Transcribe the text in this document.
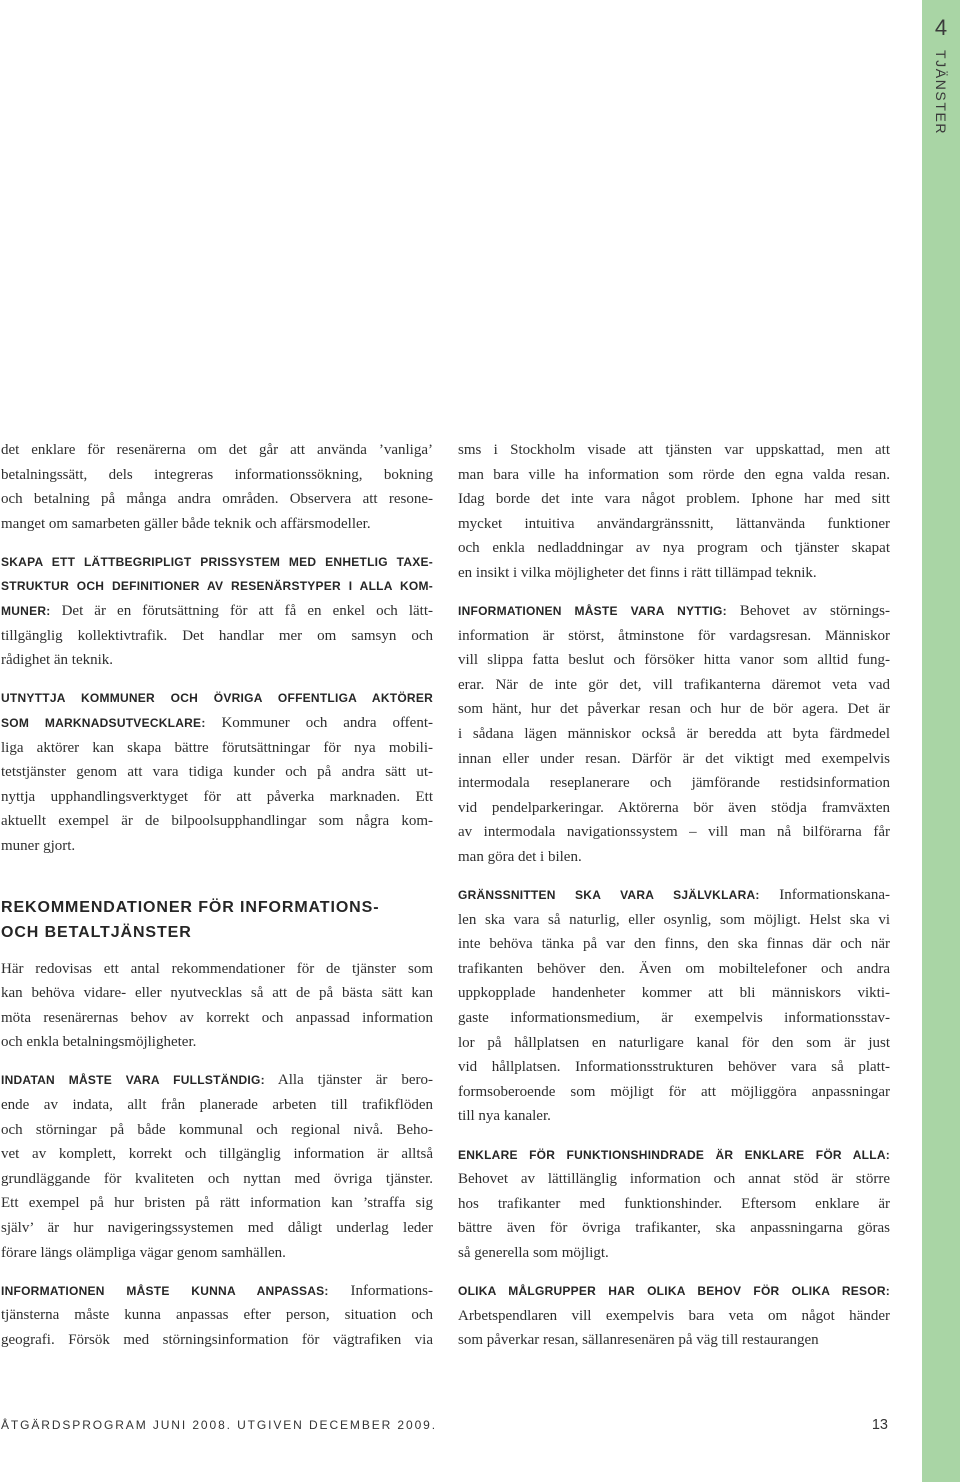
det enklare för resenärerna om det går att använda ’vanliga’
betalningssätt, dels integreras informationssökning, bokning
och betalning på många andra områden. Observera att resone-
manget om samarbeten gäller både teknik och affärsmodeller.
SKAPA ETT LÄTTBEGRIPLIGT PRISSYSTEM MED ENHETLIG TAXE-
STRUKTUR OCH DEFINITIONER AV RESENÄRSTYPER I ALLA KOM-
MUNER: Det är en förutsättning för att få en enkel och lätt-
tillgänglig kollektivtrafik. Det handlar mer om samsyn och
rådighet än teknik.
UTNYTTJA KOMMUNER OCH ÖVRIGA OFFENTLIGA AKTÖRER
SOM MARKNADSUTVECKLARE: Kommuner och andra offent-
liga aktörer kan skapa bättre förutsättningar för nya mobili-
tetstjänster genom att vara tidiga kunder och på andra sätt ut-
nyttja upphandlingsverktyget för att påverka marknaden. Ett
aktuellt exempel är de bilpoolsupphandlingar som några kom-
muner gjort.
REKOMMENDATIONER FÖR INFORMATIONS-
OCH BETALTJÄNSTER
Här redovisas ett antal rekommendationer för de tjänster som
kan behöva vidare- eller nyutvecklas så att de på bästa sätt kan
möta resenärernas behov av korrekt och anpassad information
och enkla betalningsmöjligheter.
INDATAN MÅSTE VARA FULLSTÄNDIG: Alla tjänster är bero-
ende av indata, allt från planerade arbeten till trafikflöden
och störningar på både kommunal och regional nivå. Beho-
vet av komplett, korrekt och tillgänglig information är alltså
grundläggande för kvaliteten och nyttan med övriga tjänster.
Ett exempel på hur bristen på rätt information kan ’straffa sig
själv’ är hur navigeringssystemen med dåligt underlag leder
förare längs olämpliga vägar genom samhällen.
INFORMATIONEN MÅSTE KUNNA ANPASSAS: Informations-
tjänsterna måste kunna anpassas efter person, situation och
geografi. Försök med störningsinformation för vägtrafiken via
sms i Stockholm visade att tjänsten var uppskattad, men att
man bara ville ha information som rörde den egna valda resan.
Idag borde det inte vara något problem. Iphone har med sitt
mycket intuitiva användargränssnitt, lättanvända funktioner
och enkla nedladdningar av nya program och tjänster skapat
en insikt i vilka möjligheter det finns i rätt tillämpad teknik.
INFORMATIONEN MÅSTE VARA NYTTIG: Behovet av störnings-
information är störst, åtminstone för vardagsresan. Människor
vill slippa fatta beslut och försöker hitta vanor som alltid fung-
erar. När de inte gör det, vill trafikanterna däremot veta vad
som hänt, hur det påverkar resan och hur de bör agera. Det är
i sådana lägen människor också är beredda att byta färdmedel
innan eller under resan. Därför är det viktigt med exempelvis
intermodala reseplanerare och jämförande restidsinformation
vid pendelparkeringar. Aktörerna bör även stödja framväxten
av intermodala navigationssystem – vill man nå bilförarna får
man göra det i bilen.
GRÄNSSNITTEN SKA VARA SJÄLVKLARA: Informationskana-
len ska vara så naturlig, eller osynlig, som möjligt. Helst ska vi
inte behöva tänka på var den finns, den ska finnas där och när
trafikanten behöver den. Även om mobiltelefoner och andra
uppkopplade handenheter kommer att bli människors vikti-
gaste informationsmedium, är exempelvis informationsstav-
lor på hållplatsen en naturligare kanal för den som är just
vid hållplatsen. Informationsstrukturen behöver vara så platt-
formsoberoende som möjligt för att möjliggöra anpassningar
till nya kanaler.
ENKLARE FÖR FUNKTIONSHINDRADE ÄR ENKLARE FÖR ALLA:
Behovet av lättillänglig information och annat stöd är större
hos trafikanter med funktionshinder. Eftersom enklare är
bättre även för övriga trafikanter, ska anpassningarna göras
så generella som möjligt.
OLIKA MÅLGRUPPER HAR OLIKA BEHOV FÖR OLIKA RESOR:
Arbetspendlaren vill exempelvis bara veta om något händer
som påverkar resan, sällanresenären på väg till restaurangen
4
TJÄNSTER
ÅTGÄRDSPROGRAM JUNI 2008. UTGIVEN DECEMBER 2009.	13
